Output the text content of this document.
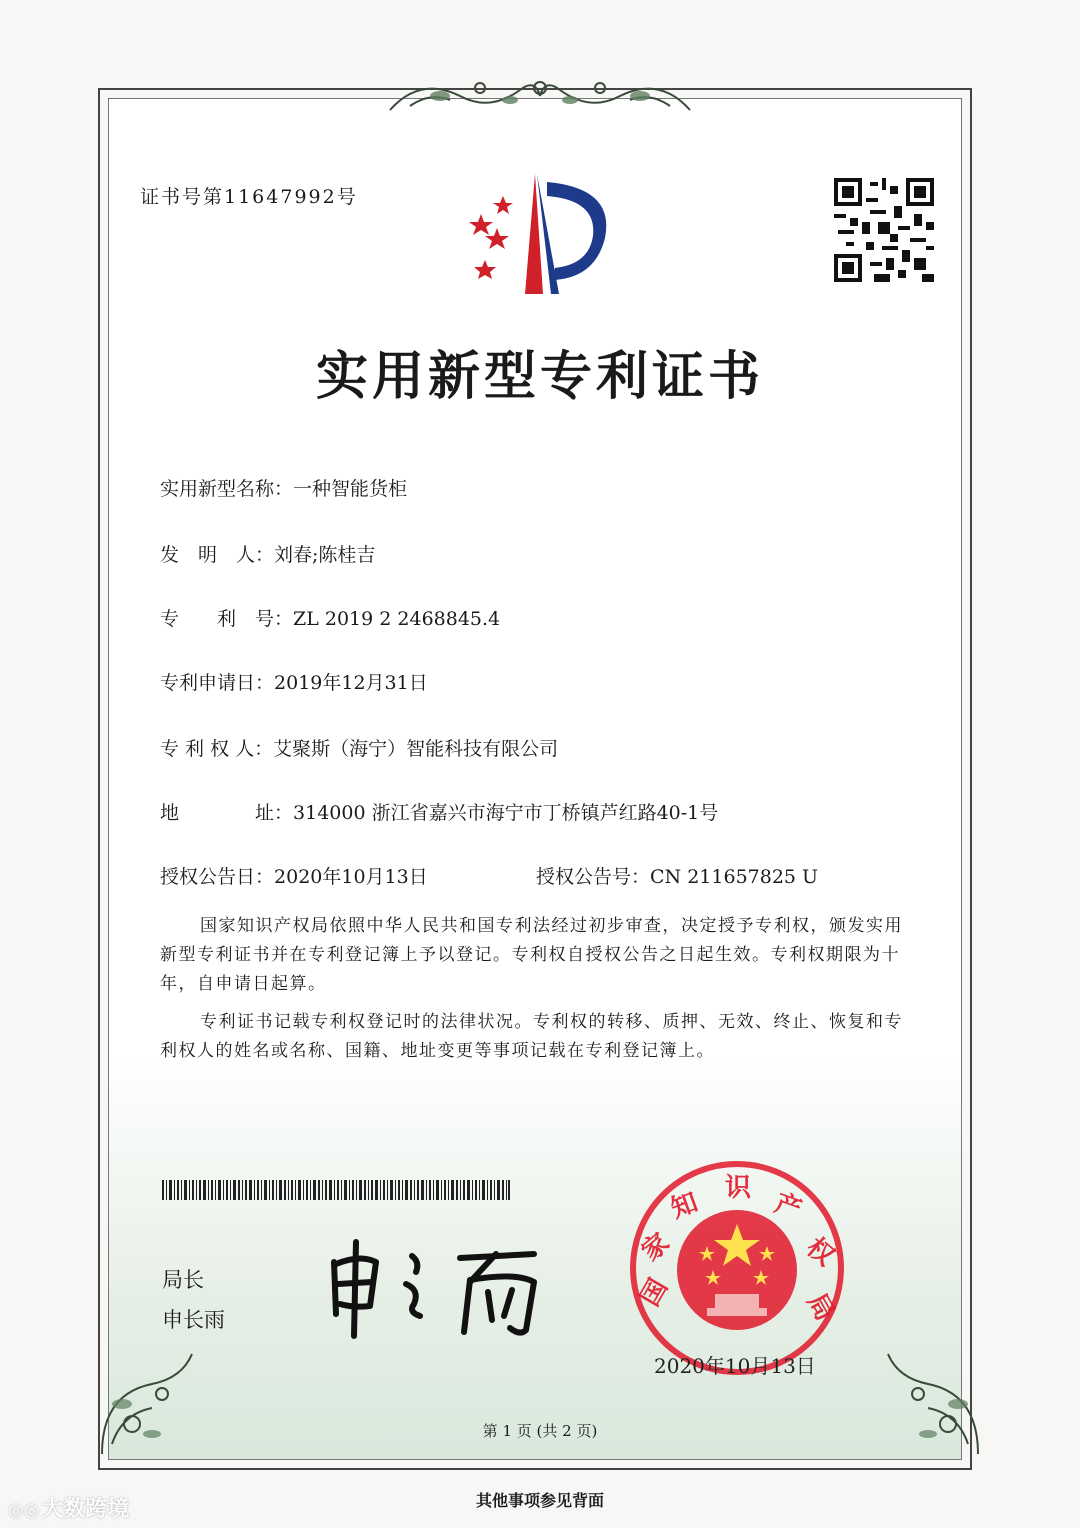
证书号第11647992号
实用新型专利证书
实用新型名称：一种智能货柜
发　明　人：刘春;陈桂吉
专　　利　号：ZL 2019 2 2468845.4
专利申请日：2019年12月31日
专 利 权 人：艾聚斯（海宁）智能科技有限公司
地　　　　址：314000 浙江省嘉兴市海宁市丁桥镇芦红路40-1号
授权公告日：2020年10月13日	授权公告号：CN 211657825 U
国家知识产权局依照中华人民共和国专利法经过初步审查，决定授予专利权，颁发实用新型专利证书并在专利登记簿上予以登记。专利权自授权公告之日起生效。专利权期限为十年，自申请日起算。
专利证书记载专利权登记时的法律状况。专利权的转移、质押、无效、终止、恢复和专利权人的姓名或名称、国籍、地址变更等事项记载在专利登记簿上。
局长
申长雨
国
家
知 识
产
权
局
2020年10月13日
第 1 页 (共 2 页)
其他事项参见背面
◎◎大数跨境
